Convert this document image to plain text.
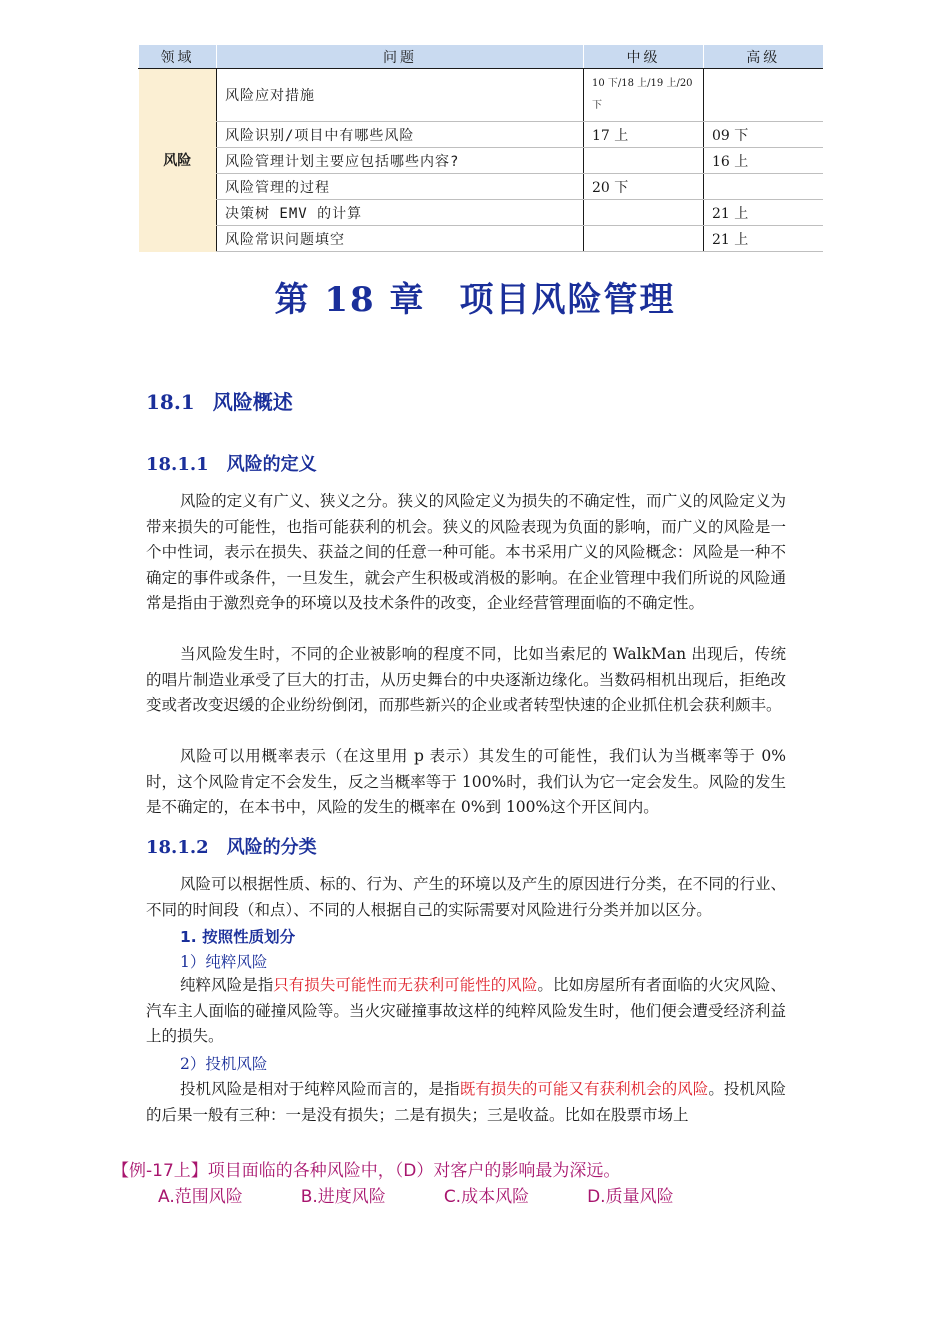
领域	问题	中级	高级
风险	风险应对措施	10 下/18 上/19 上/20 下	
	风险识别/项目中有哪些风险	17 上	09 下
	风险管理计划主要应包括哪些内容?		16 上
	风险管理的过程	20 下	
	决策树 EMV 的计算		21 上
	风险常识问题填空		21 上
第 18 章 项目风险管理
18.1 风险概述
18.1.1 风险的定义

风险的定义有广义、狭义之分。狭义的风险定义为损失的不确定性，而广义的风险定义为带来损失的可能性，也指可能获利的机会。狭义的风险表现为负面的影响，而广义的风险是一个中性词，表示在损失、获益之间的任意一种可能。本书采用广义的风险概念：风险是一种不确定的事件或条件，一旦发生，就会产生积极或消极的影响。在企业管理中我们所说的风险通常是指由于激烈竞争的环境以及技术条件的改变，企业经营管理面临的不确定性。

当风险发生时，不同的企业被影响的程度不同，比如当索尼的 WalkMan 出现后，传统的唱片制造业承受了巨大的打击，从历史舞台的中央逐渐边缘化。当数码相机出现后，拒绝改变或者改变迟缓的企业纷纷倒闭，而那些新兴的企业或者转型快速的企业抓住机会获利颇丰。

风险可以用概率表示（在这里用 p 表示）其发生的可能性，我们认为当概率等于 0%时，这个风险肯定不会发生，反之当概率等于 100%时，我们认为它一定会发生。风险的发生是不确定的，在本书中，风险的发生的概率在 0%到 100%这个开区间内。

18.1.2 风险的分类

风险可以根据性质、标的、行为、产生的环境以及产生的原因进行分类，在不同的行业、不同的时间段（和点）、不同的人根据自己的实际需要对风险进行分类并加以区分。

1. 按照性质划分

1）纯粹风险

纯粹风险是指只有损失可能性而无获利可能性的风险。比如房屋所有者面临的火灾风险、汽车主人面临的碰撞风险等。当火灾碰撞事故这样的纯粹风险发生时，他们便会遭受经济利益上的损失。

2）投机风险

投机风险是相对于纯粹风险而言的，是指既有损失的可能又有获利机会的风险。投机风险的后果一般有三种：一是没有损失；二是有损失；三是收益。比如在股票市场上

【例-17上】项目面临的各种风险中，（D）对客户的影响最为深远。

A.范围风险	B.进度风险	C.成本风险	D.质量风险
